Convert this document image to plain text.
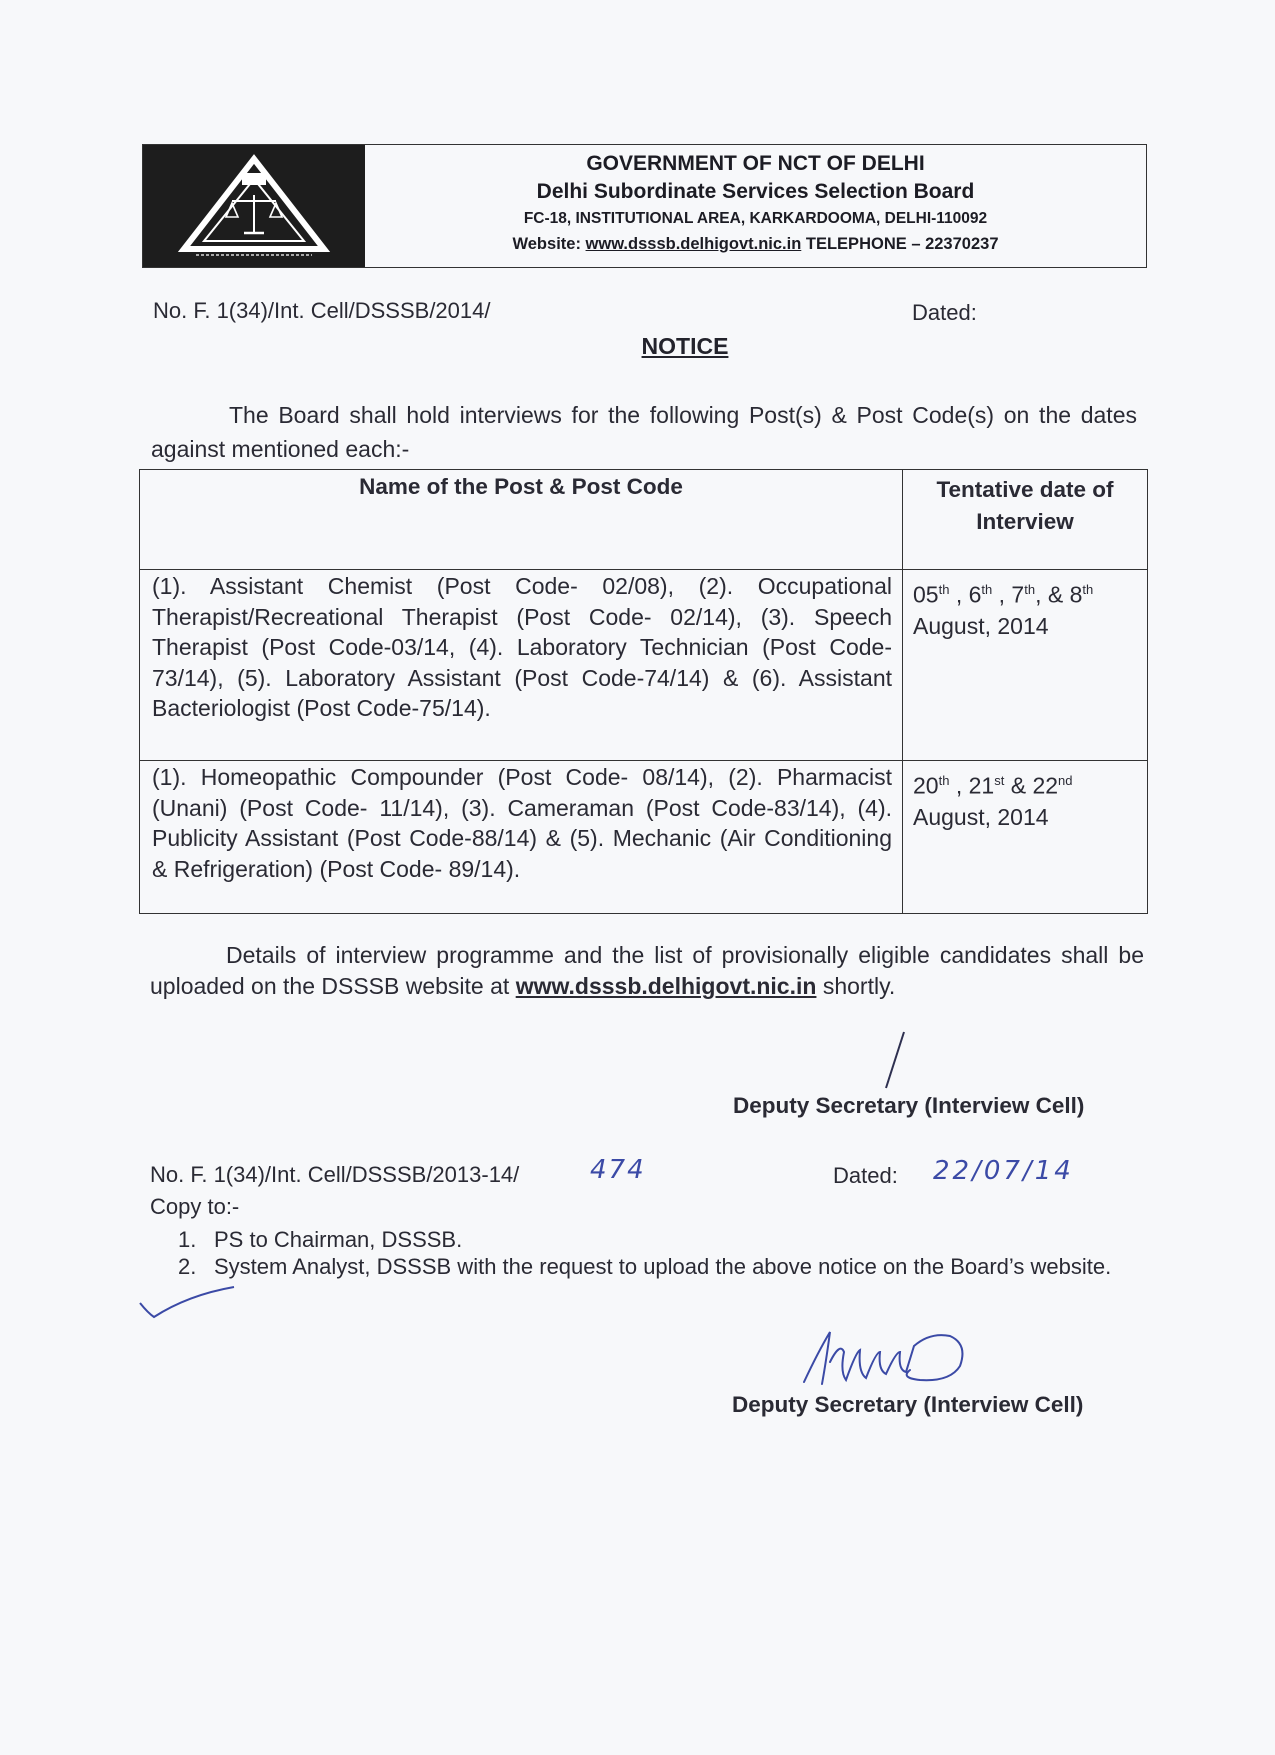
GOVERNMENT OF NCT OF DELHI
Delhi Subordinate Services Selection Board
FC-18, INSTITUTIONAL AREA, KARKARDOOMA, DELHI-110092
Website: www.dsssb.delhigovt.nic.in TELEPHONE – 22370237
No. F. 1(34)/Int. Cell/DSSSB/2014/	Dated:
NOTICE
The Board shall hold interviews for the following Post(s) & Post Code(s) on the dates against mentioned each:-
Name of the Post & Post Code	Tentative date of Interview
(1). Assistant Chemist (Post Code- 02/08), (2). Occupational Therapist/Recreational Therapist (Post Code- 02/14), (3). Speech Therapist (Post Code-03/14, (4). Laboratory Technician (Post Code- 73/14), (5). Laboratory Assistant (Post Code-74/14) & (6). Assistant Bacteriologist (Post Code-75/14).	05th , 6th , 7th, & 8th
August, 2014
(1). Homeopathic Compounder (Post Code- 08/14), (2). Pharmacist (Unani) (Post Code- 11/14), (3). Cameraman (Post Code-83/14), (4). Publicity Assistant (Post Code-88/14) & (5). Mechanic (Air Conditioning & Refrigeration) (Post Code- 89/14).	20th , 21st & 22nd
August, 2014
Details of interview programme and the list of provisionally eligible candidates shall be uploaded on the DSSSB website at www.dsssb.delhigovt.nic.in shortly.
Deputy Secretary (Interview Cell)
No. F. 1(34)/Int. Cell/DSSSB/2013-14/	474	Dated: 22/07/14
Copy to:-
1. PS to Chairman, DSSSB.
2. System Analyst, DSSSB with the request to upload the above notice on the Board’s website.
Deputy Secretary (Interview Cell)
